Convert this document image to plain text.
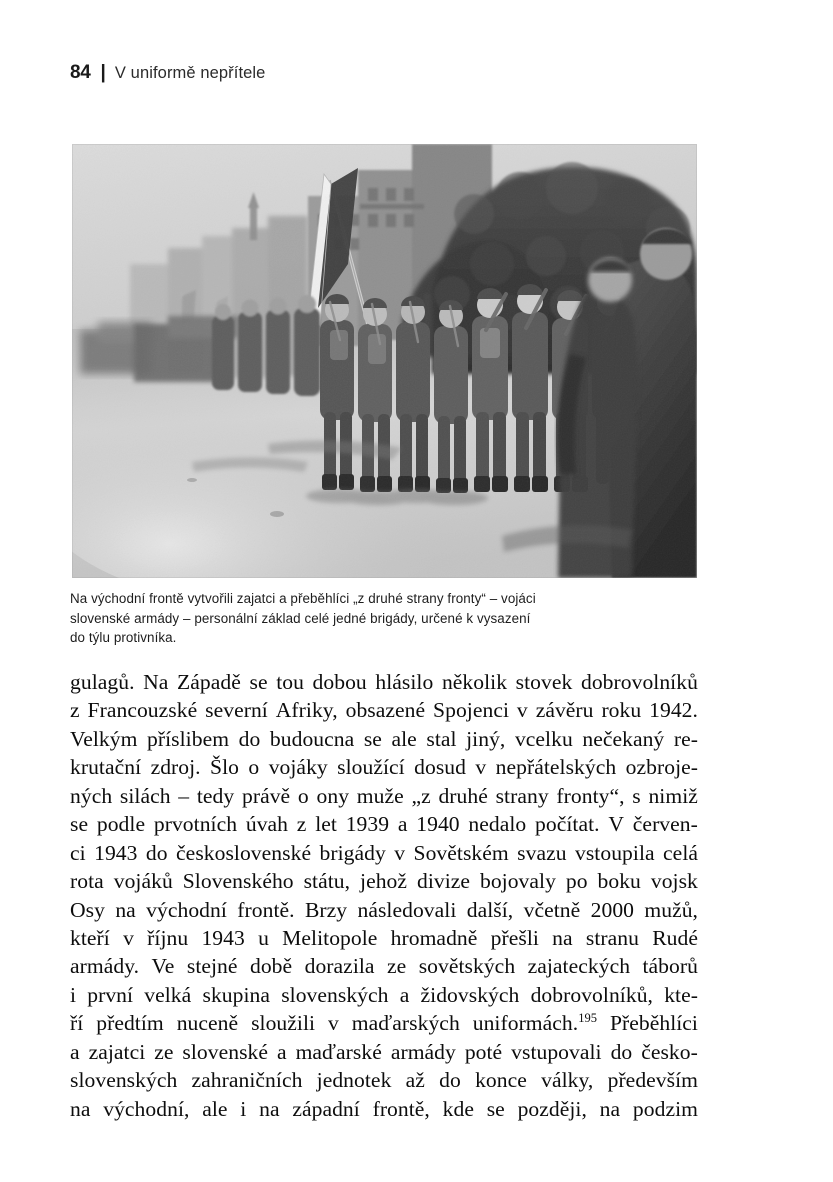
84 | V uniformě nepřítele
Na východní frontě vytvořili zajatci a přeběhlíci „z druhé strany fronty“ – vojáci
slovenské armády – personální základ celé jedné brigády, určené k vysazení
do týlu protivníka.
gulagů. Na Západě se tou dobou hlásilo několik stovek dobrovolníků
z Francouzské severní Afriky, obsazené Spojenci v závěru roku 1942.
Velkým příslibem do budoucna se ale stal jiný, vcelku nečekaný re-
krutační zdroj. Šlo o vojáky sloužící dosud v nepřátelských ozbroje-
ných silách – tedy právě o ony muže „z druhé strany fronty“, s nimiž
se podle prvotních úvah z let 1939 a 1940 nedalo počítat. V červen-
ci 1943 do československé brigády v Sovětském svazu vstoupila celá
rota vojáků Slovenského státu, jehož divize bojovaly po boku vojsk
Osy na východní frontě. Brzy následovali další, včetně 2000 mužů,
kteří v říjnu 1943 u Melitopole hromadně přešli na stranu Rudé
armády. Ve stejné době dorazila ze sovětských zajateckých táborů
i první velká skupina slovenských a židovských dobrovolníků, kte-
ří předtím nuceně sloužili v maďarských uniformách.$^{195}$ Přeběhlíci
a zajatci ze slovenské a maďarské armády poté vstupovali do česko-
slovenských zahraničních jednotek až do konce války, především
na východní, ale i na západní frontě, kde se později, na podzim
